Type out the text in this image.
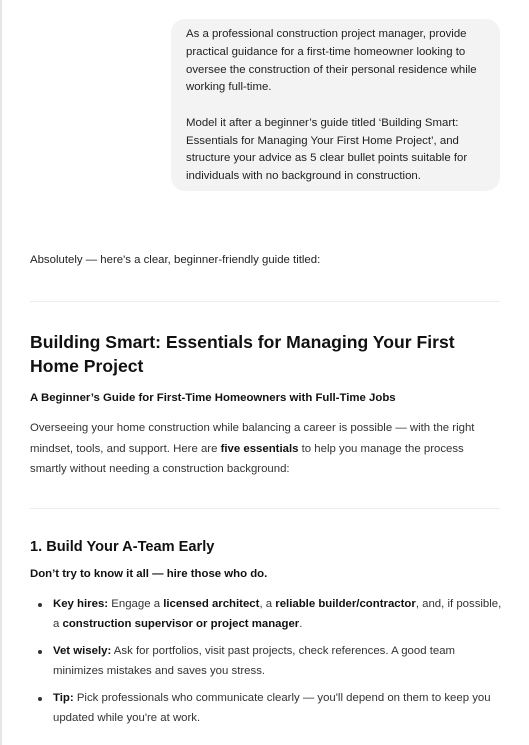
As a professional construction project manager, provide practical guidance for a first-time homeowner looking to oversee the construction of their personal residence while working full-time.

Model it after a beginner’s guide titled ‘Building Smart: Essentials for Managing Your First Home Project’, and structure your advice as 5 clear bullet points suitable for individuals with no background in construction.

Absolutely — here's a clear, beginner-friendly guide titled:
Building Smart: Essentials for Managing Your First Home Project
A Beginner’s Guide for First-Time Homeowners with Full-Time Jobs
Overseeing your home construction while balancing a career is possible — with the right mindset, tools, and support. Here are five essentials to help you manage the process smartly without needing a construction background:
1. Build Your A-Team Early
Don’t try to know it all — hire those who do.
Key hires: Engage a licensed architect, a reliable builder/contractor, and, if possible, a construction supervisor or project manager.
Vet wisely: Ask for portfolios, visit past projects, check references. A good team minimizes mistakes and saves you stress.
Tip: Pick professionals who communicate clearly — you'll depend on them to keep you updated while you're at work.
